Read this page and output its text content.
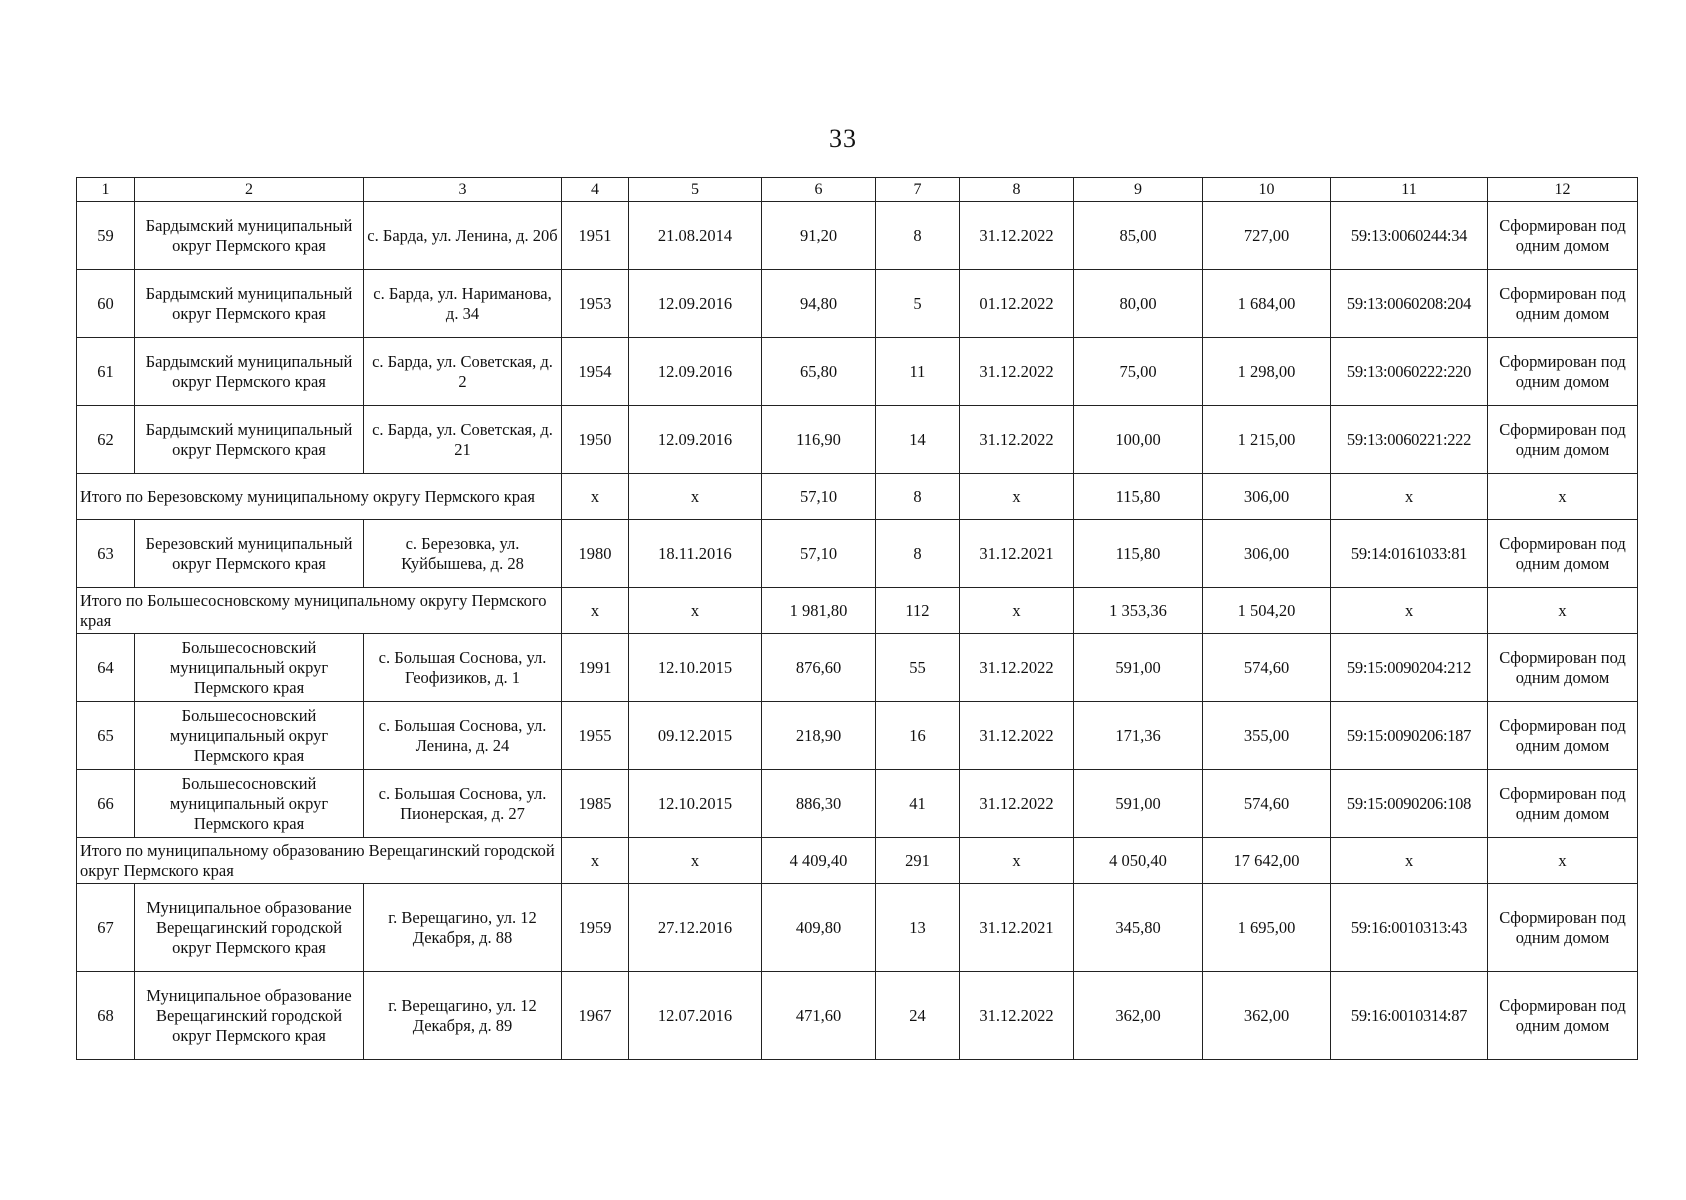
33
1	2	3	4	5	6	7	8	9	10	11	12
59	Бардымский муниципальный округ Пермского края	с. Барда, ул. Ленина, д. 20б	1951	21.08.2014	91,20	8	31.12.2022	85,00	727,00	59:13:0060244:34	Сформирован под одним домом
60	Бардымский муниципальный округ Пермского края	с. Барда, ул. Нариманова, д. 34	1953	12.09.2016	94,80	5	01.12.2022	80,00	1 684,00	59:13:0060208:204	Сформирован под одним домом
61	Бардымский муниципальный округ Пермского края	с. Барда, ул. Советская, д. 2	1954	12.09.2016	65,80	11	31.12.2022	75,00	1 298,00	59:13:0060222:220	Сформирован под одним домом
62	Бардымский муниципальный округ Пермского края	с. Барда, ул. Советская, д. 21	1950	12.09.2016	116,90	14	31.12.2022	100,00	1 215,00	59:13:0060221:222	Сформирован под одним домом
Итого по Березовскому муниципальному округу Пермского края			x	x	57,10	8	x	115,80	306,00	x	x
63	Березовский муниципальный округ Пермского края	с. Березовка, ул. Куйбышева, д. 28	1980	18.11.2016	57,10	8	31.12.2021	115,80	306,00	59:14:0161033:81	Сформирован под одним домом
Итого по Большесосновскому муниципальному округу Пермского края			x	x	1 981,80	112	x	1 353,36	1 504,20	x	x
64	Большесосновский муниципальный округ Пермского края	с. Большая Соснова, ул. Геофизиков, д. 1	1991	12.10.2015	876,60	55	31.12.2022	591,00	574,60	59:15:0090204:212	Сформирован под одним домом
65	Большесосновский муниципальный округ Пермского края	с. Большая Соснова, ул. Ленина, д. 24	1955	09.12.2015	218,90	16	31.12.2022	171,36	355,00	59:15:0090206:187	Сформирован под одним домом
66	Большесосновский муниципальный округ Пермского края	с. Большая Соснова, ул. Пионерская, д. 27	1985	12.10.2015	886,30	41	31.12.2022	591,00	574,60	59:15:0090206:108	Сформирован под одним домом
Итого по муниципальному образованию Верещагинский городской округ Пермского края			x	x	4 409,40	291	x	4 050,40	17 642,00	x	x
67	Муниципальное образование Верещагинский городской округ Пермского края	г. Верещагино, ул. 12 Декабря, д. 88	1959	27.12.2016	409,80	13	31.12.2021	345,80	1 695,00	59:16:0010313:43	Сформирован под одним домом
68	Муниципальное образование Верещагинский городской округ Пермского края	г. Верещагино, ул. 12 Декабря, д. 89	1967	12.07.2016	471,60	24	31.12.2022	362,00	362,00	59:16:0010314:87	Сформирован под одним домом
